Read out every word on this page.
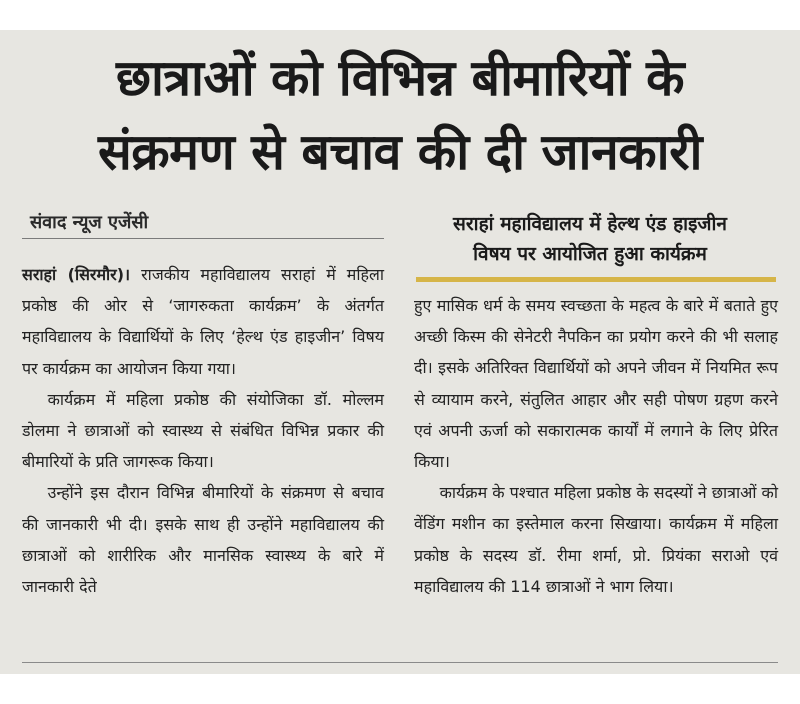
छात्राओं को विभिन्न बीमारियों के
संक्रमण से बचाव की दी जानकारी
संवाद न्यूज एजेंसी	सराहां महाविद्यालय में हेल्थ एंड हाइजीन
विषय पर आयोजित हुआ कार्यक्रम

सराहां (सिरमौर)। राजकीय महाविद्यालय सराहां में महिला प्रकोष्ठ की ओर से ‘जागरुकता कार्यक्रम’ के अंतर्गत महाविद्यालय के विद्यार्थियों के लिए ‘हेल्थ एंड हाइजीन’ विषय पर कार्यक्रम का आयोजन किया गया।

कार्यक्रम में महिला प्रकोष्ठ की संयोजिका डॉ. मोल्लम डोलमा ने छात्राओं को स्वास्थ्य से संबंधित विभिन्न प्रकार की बीमारियों के प्रति जागरूक किया।

उन्होंने इस दौरान विभिन्न बीमारियों के संक्रमण से बचाव की जानकारी भी दी। इसके साथ ही उन्होंने महाविद्यालय की छात्राओं को शारीरिक और मानसिक स्वास्थ्य के बारे में जानकारी देते

हुए मासिक धर्म के समय स्वच्छता के महत्व के बारे में बताते हुए अच्छी किस्म की सेनेटरी नैपकिन का प्रयोग करने की भी सलाह दी। इसके अतिरिक्त विद्यार्थियों को अपने जीवन में नियमित रूप से व्यायाम करने, संतुलित आहार और सही पोषण ग्रहण करने एवं अपनी ऊर्जा को सकारात्मक कार्यों में लगाने के लिए प्रेरित किया।

कार्यक्रम के पश्चात महिला प्रकोष्ठ के सदस्यों ने छात्राओं को वेंडिंग मशीन का इस्तेमाल करना सिखाया। कार्यक्रम में महिला प्रकोष्ठ के सदस्य डॉ. रीमा शर्मा, प्रो. प्रियंका सराओ एवं महाविद्यालय की 114 छात्राओं ने भाग लिया।
